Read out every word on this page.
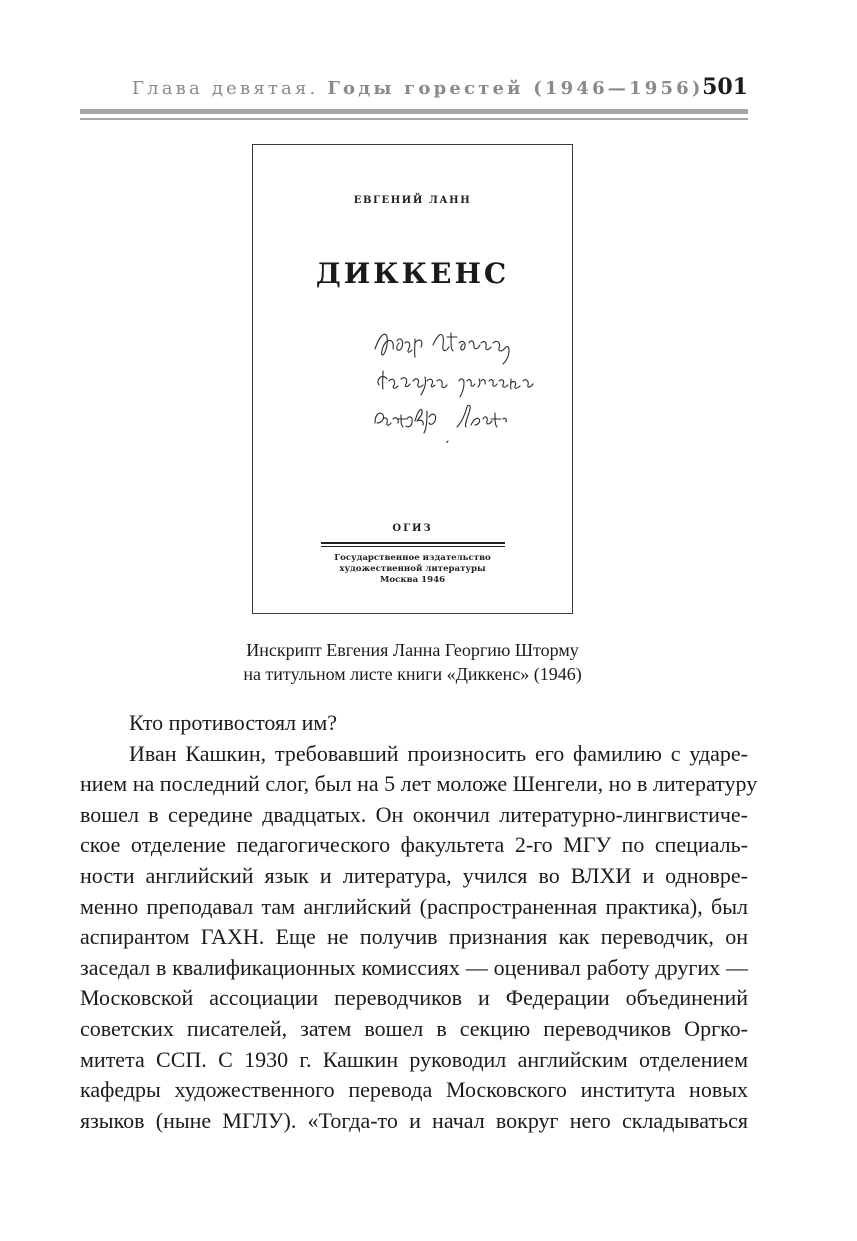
Глава девятая. Годы горестей (1946—1956)
501
ЕВГЕНИЙ ЛАНН
ДИККЕНС
ОГИЗ
Государственное издательство
художественной литературы
Москва 1946
Инскрипт Евгения Ланна Георгию Шторму
на титульном листе книги «Диккенс» (1946)
Кто противостоял им?
Иван Кашкин, требовавший произносить его фамилию с ударе-
нием на последний слог, был на 5 лет моложе Шенгели, но в литературу
вошел в середине двадцатых. Он окончил литературно-лингвистиче-
ское отделение педагогического факультета 2-го МГУ по специаль-
ности английский язык и литература, учился во ВЛХИ и одновре-
менно преподавал там английский (распространенная практика), был
аспирантом ГАХН. Еще не получив признания как переводчик, он
заседал в квалификационных комиссиях — оценивал работу других —
Московской ассоциации переводчиков и Федерации объединений
советских писателей, затем вошел в секцию переводчиков Оргко-
митета ССП. С 1930 г. Кашкин руководил английским отделением
кафедры художественного перевода Московского института новых
языков (ныне МГЛУ). «Тогда-то и начал вокруг него складываться
